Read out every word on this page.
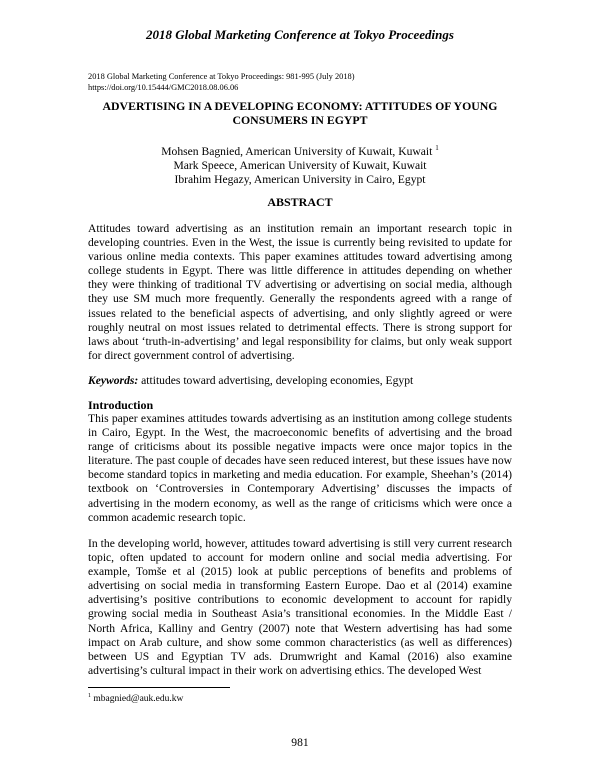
2018 Global Marketing Conference at Tokyo Proceedings
2018 Global Marketing Conference at Tokyo Proceedings: 981-995 (July 2018)
https://doi.org/10.15444/GMC2018.08.06.06
ADVERTISING IN A DEVELOPING ECONOMY: ATTITUDES OF YOUNG CONSUMERS IN EGYPT
Mohsen Bagnied, American University of Kuwait, Kuwait $^1$
Mark Speece, American University of Kuwait, Kuwait
Ibrahim Hegazy, American University in Cairo, Egypt
ABSTRACT
Attitudes toward advertising as an institution remain an important research topic in developing countries. Even in the West, the issue is currently being revisited to update for various online media contexts. This paper examines attitudes toward advertising among college students in Egypt. There was little difference in attitudes depending on whether they were thinking of traditional TV advertising or advertising on social media, although they use SM much more frequently. Generally the respondents agreed with a range of issues related to the beneficial aspects of advertising, and only slightly agreed or were roughly neutral on most issues related to detrimental effects. There is strong support for laws about ‘truth-in-advertising’ and legal responsibility for claims, but only weak support for direct government control of advertising.
Keywords: attitudes toward advertising, developing economies, Egypt
Introduction
This paper examines attitudes towards advertising as an institution among college students in Cairo, Egypt. In the West, the macroeconomic benefits of advertising and the broad range of criticisms about its possible negative impacts were once major topics in the literature. The past couple of decades have seen reduced interest, but these issues have now become standard topics in marketing and media education. For example, Sheehan’s (2014) textbook on ‘Controversies in Contemporary Advertising’ discusses the impacts of advertising in the modern economy, as well as the range of criticisms which were once a common academic research topic.
In the developing world, however, attitudes toward advertising is still very current research topic, often updated to account for modern online and social media advertising. For example, Tomše et al (2015) look at public perceptions of benefits and problems of advertising on social media in transforming Eastern Europe. Dao et al (2014) examine advertising’s positive contributions to economic development to account for rapidly growing social media in Southeast Asia’s transitional economies. In the Middle East / North Africa, Kalliny and Gentry (2007) note that Western advertising has had some impact on Arab culture, and show some common characteristics (as well as differences) between US and Egyptian TV ads. Drumwright and Kamal (2016) also examine advertising’s cultural impact in their work on advertising ethics. The developed West
$^1$ mbagnied@auk.edu.kw
981
